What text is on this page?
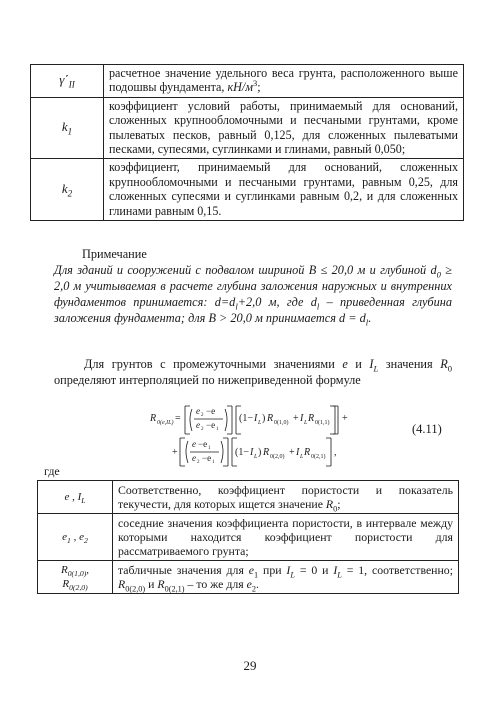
$\gamma΄_{II}$	расчетное значение удельного веса грунта, расположенного выше подошвы фундамента, $кН/м^3$;
$k_1$	коэффициент условий работы, принимаемый для оснований, сложенных крупнообломочными и песчаными грунтами, кроме пылеватых песков, равный 0,125, для сложенных пылеватыми песками, супесями, суглинками и глинами, равный 0,050;
$k_2$	коэффициент, принимаемый для оснований, сложенных крупнообломочными и песчаными грунтами, равным 0,25, для сложенных супесями и суглинками равным 0,2, и для сложенных глинами равным 0,15.
Примечание
Для зданий и сооружений с подвалом шириной B ≤ 20,0 м и глубиной $d_0 \ge 2,0$ м учитываемая в расчете глубина заложения наружных и внутренних фундаментов принимается: $d=d_l+2,0$ м, где $d_l$ – приведенная глубина заложения фундамента; для B > 20,0 м принимается $d = d_l$.
Для грунтов с промежуточными значениями e и $I_L$ значения $R_0$ определяют интерполяцией по нижеприведенной формуле
R 0(e,IL) =
e 2 −e
e 2 −e 1
(1− I L ) R 0(1,0) + I L R 0(1,1) +
+
e −e 1
e 2 −e 1
(1− I L ) R 0(2,0) + I L R 0(2,1) ,
(4.11)
где
e , $I_L$	Соответственно, коэффициент пористости и показатель текучести, для которых ищется значение $R_0$;
$e_1$ , $e_2$	соседние значения коэффициента пористости, в интервале между которыми находится коэффициент пористости для рассматриваемого грунта;
$R_{0(1,0)}$,
$R_{0(2,0)}$	табличные значения для $e_1$ при $I_L = 0$ и $I_L = 1$, соответственно; $R_{0(2,0)}$ и $R_{0(2,1)}$ – то же для $e_2$.
29
